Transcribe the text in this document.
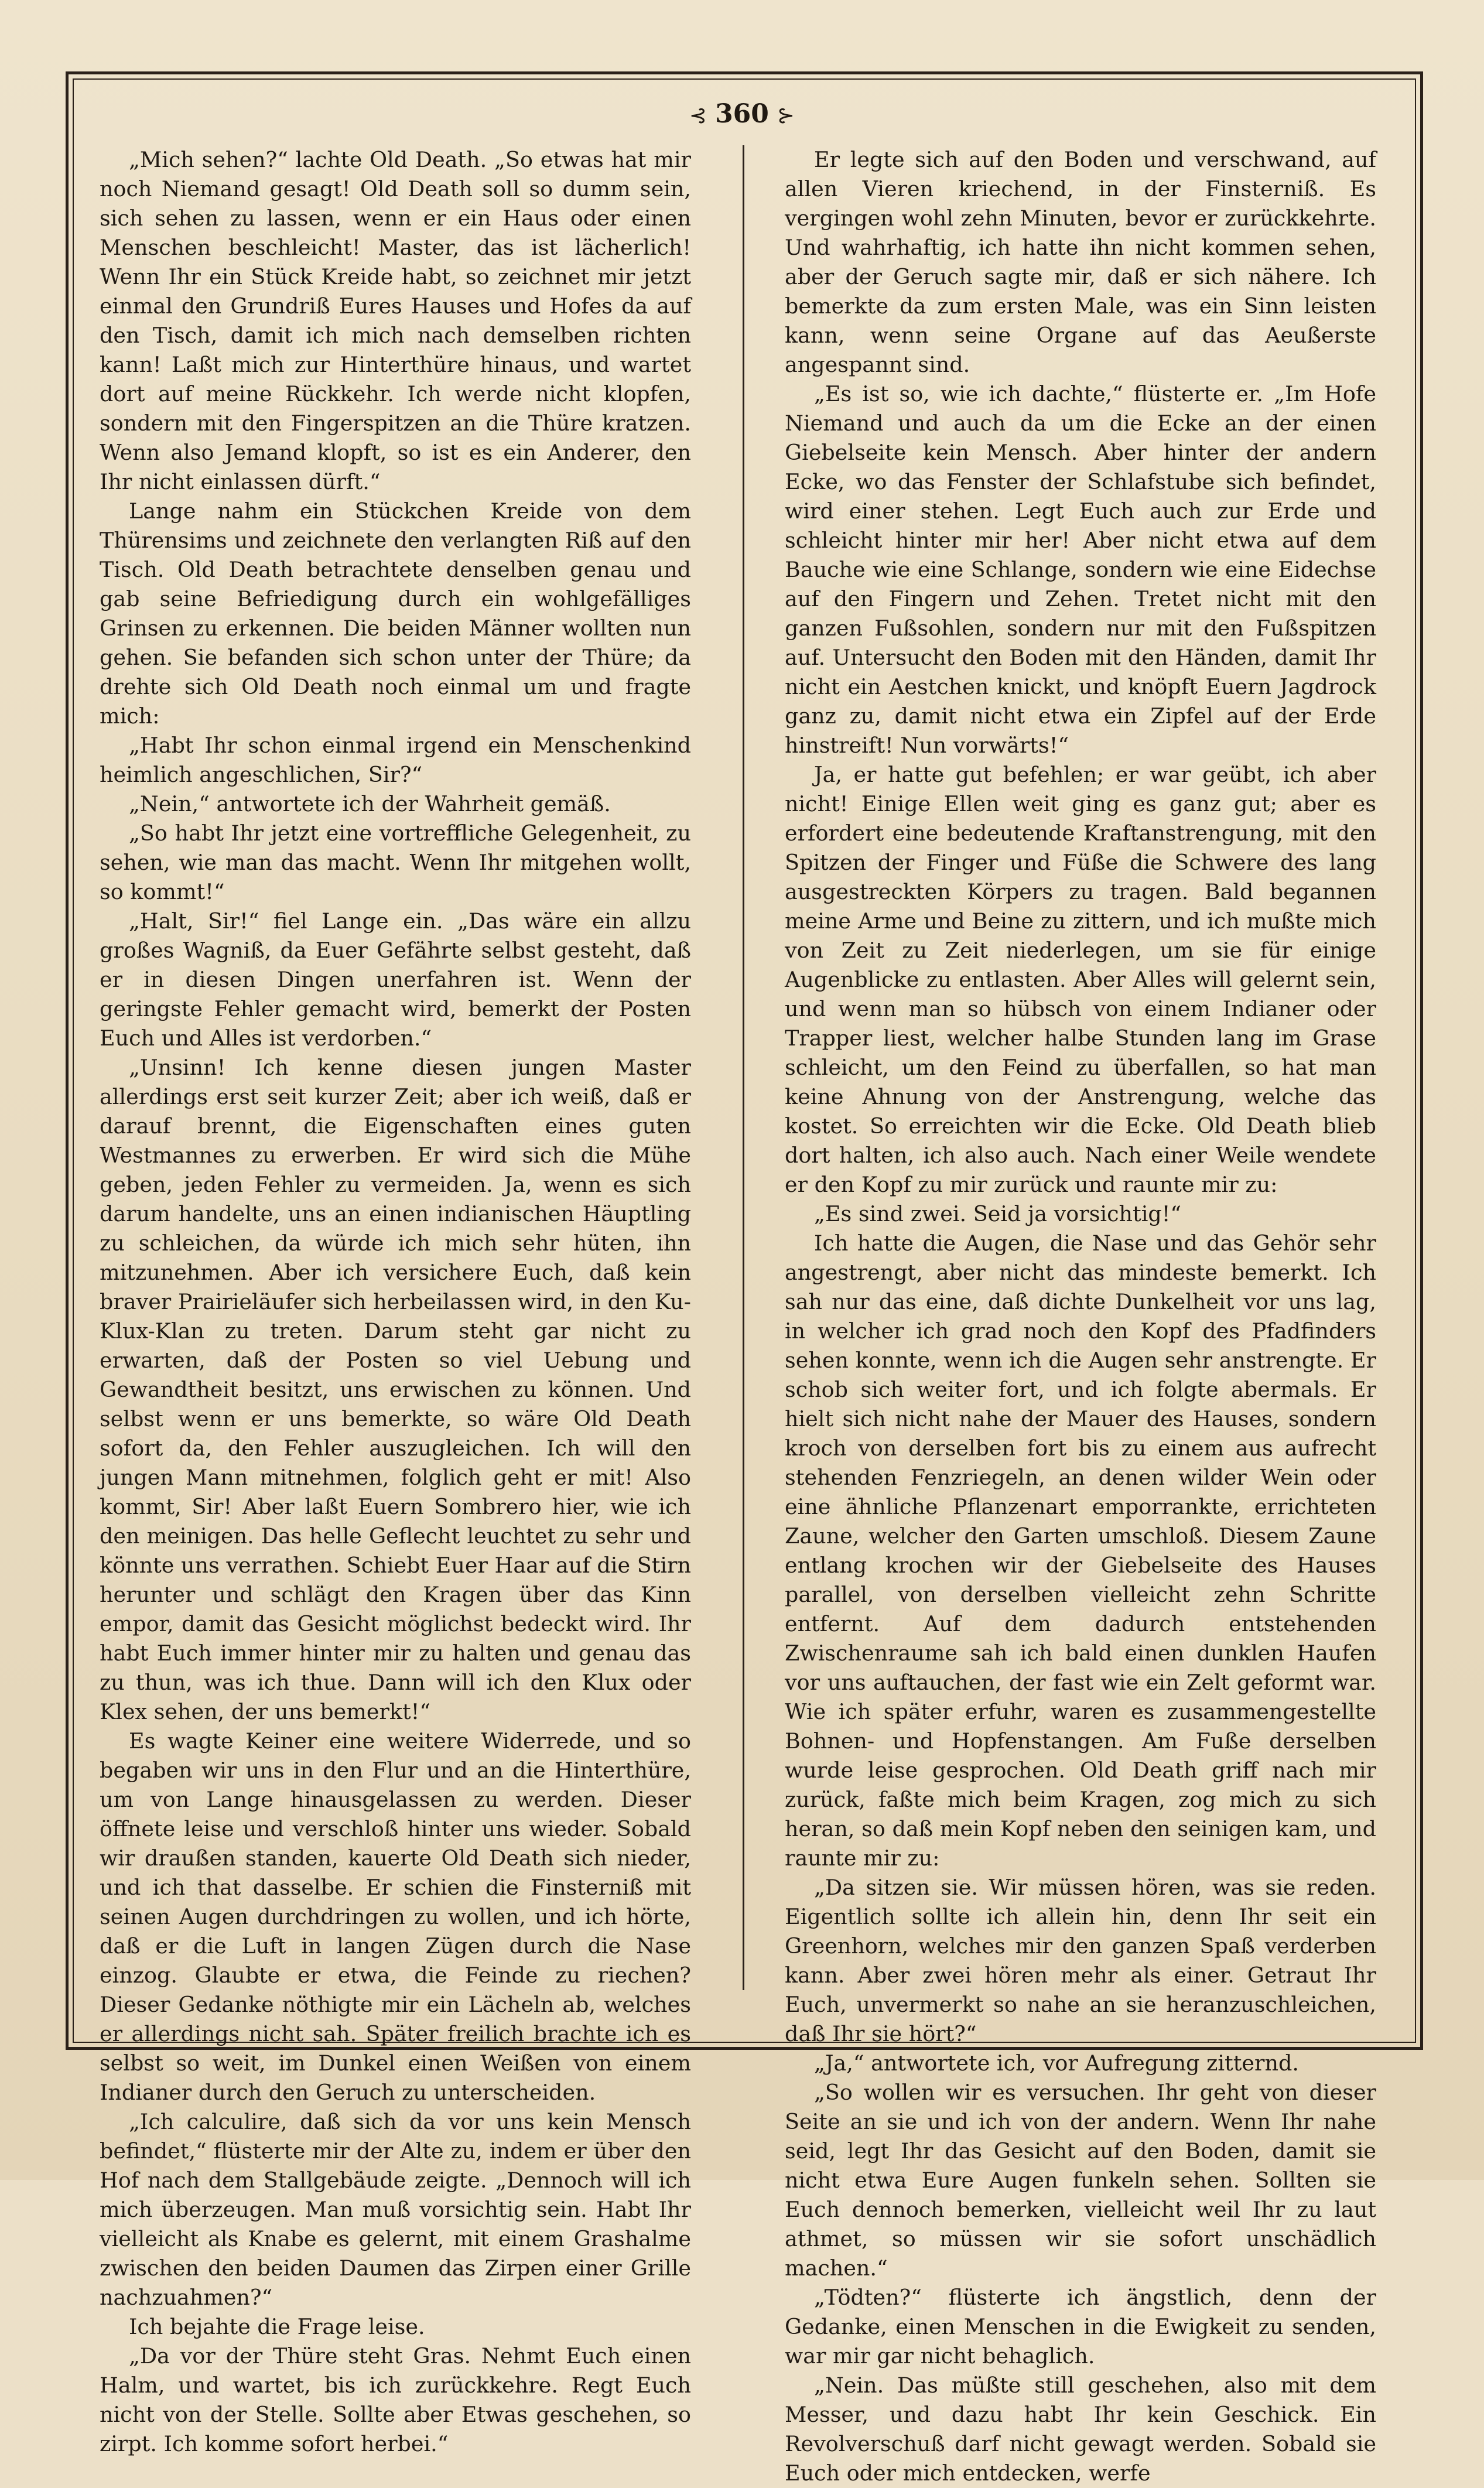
⊰ 360 ⊱

„Mich sehen?“ lachte Old Death. „So etwas hat mir noch Niemand gesagt! Old Death soll so dumm sein, sich sehen zu lassen, wenn er ein Haus oder einen Menschen beschleicht! Master, das ist lächerlich! Wenn Ihr ein Stück Kreide habt, so zeichnet mir jetzt einmal den Grundriß Eures Hauses und Hofes da auf den Tisch, damit ich mich nach demselben richten kann! Laßt mich zur Hinterthüre hinaus, und wartet dort auf meine Rückkehr. Ich werde nicht klopfen, sondern mit den Fingerspitzen an die Thüre kratzen. Wenn also Jemand klopft, so ist es ein Anderer, den Ihr nicht einlassen dürft.“

Lange nahm ein Stückchen Kreide von dem Thürensims und zeichnete den verlangten Riß auf den Tisch. Old Death betrachtete denselben genau und gab seine Befriedigung durch ein wohlgefälliges Grinsen zu erkennen. Die beiden Männer wollten nun gehen. Sie befanden sich schon unter der Thüre; da drehte sich Old Death noch einmal um und fragte mich:

„Habt Ihr schon einmal irgend ein Menschenkind heimlich angeschlichen, Sir?“

„Nein,“ antwortete ich der Wahrheit gemäß.

„So habt Ihr jetzt eine vortreffliche Gelegenheit, zu sehen, wie man das macht. Wenn Ihr mitgehen wollt, so kommt!“

„Halt, Sir!“ fiel Lange ein. „Das wäre ein allzu großes Wagniß, da Euer Gefährte selbst gesteht, daß er in diesen Dingen unerfahren ist. Wenn der geringste Fehler gemacht wird, bemerkt der Posten Euch und Alles ist verdorben.“

„Unsinn! Ich kenne diesen jungen Master allerdings erst seit kurzer Zeit; aber ich weiß, daß er darauf brennt, die Eigenschaften eines guten Westmannes zu erwerben. Er wird sich die Mühe geben, jeden Fehler zu vermeiden. Ja, wenn es sich darum handelte, uns an einen indianischen Häuptling zu schleichen, da würde ich mich sehr hüten, ihn mitzunehmen. Aber ich versichere Euch, daß kein braver Prairieläufer sich herbeilassen wird, in den Ku-Klux-Klan zu treten. Darum steht gar nicht zu erwarten, daß der Posten so viel Uebung und Gewandtheit besitzt, uns erwischen zu können. Und selbst wenn er uns bemerkte, so wäre Old Death sofort da, den Fehler auszugleichen. Ich will den jungen Mann mitnehmen, folglich geht er mit! Also kommt, Sir! Aber laßt Euern Sombrero hier, wie ich den meinigen. Das helle Geflecht leuchtet zu sehr und könnte uns verrathen. Schiebt Euer Haar auf die Stirn herunter und schlägt den Kragen über das Kinn empor, damit das Gesicht möglichst bedeckt wird. Ihr habt Euch immer hinter mir zu halten und genau das zu thun, was ich thue. Dann will ich den Klux oder Klex sehen, der uns bemerkt!“

Es wagte Keiner eine weitere Widerrede, und so begaben wir uns in den Flur und an die Hinterthüre, um von Lange hinausgelassen zu werden. Dieser öffnete leise und verschloß hinter uns wieder. Sobald wir draußen standen, kauerte Old Death sich nieder, und ich that dasselbe. Er schien die Finsterniß mit seinen Augen durchdringen zu wollen, und ich hörte, daß er die Luft in langen Zügen durch die Nase einzog. Glaubte er etwa, die Feinde zu riechen? Dieser Gedanke nöthigte mir ein Lächeln ab, welches er allerdings nicht sah. Später freilich brachte ich es selbst so weit, im Dunkel einen Weißen von einem Indianer durch den Geruch zu unterscheiden.

„Ich calculire, daß sich da vor uns kein Mensch befindet,“ flüsterte mir der Alte zu, indem er über den Hof nach dem Stallgebäude zeigte. „Dennoch will ich mich überzeugen. Man muß vorsichtig sein. Habt Ihr vielleicht als Knabe es gelernt, mit einem Grashalme zwischen den beiden Daumen das Zirpen einer Grille nachzuahmen?“

Ich bejahte die Frage leise.

„Da vor der Thüre steht Gras. Nehmt Euch einen Halm, und wartet, bis ich zurückkehre. Regt Euch nicht von der Stelle. Sollte aber Etwas geschehen, so zirpt. Ich komme sofort herbei.“

Er legte sich auf den Boden und verschwand, auf allen Vieren kriechend, in der Finsterniß. Es vergingen wohl zehn Minuten, bevor er zurückkehrte. Und wahrhaftig, ich hatte ihn nicht kommen sehen, aber der Geruch sagte mir, daß er sich nähere. Ich bemerkte da zum ersten Male, was ein Sinn leisten kann, wenn seine Organe auf das Aeußerste angespannt sind.

„Es ist so, wie ich dachte,“ flüsterte er. „Im Hofe Niemand und auch da um die Ecke an der einen Giebelseite kein Mensch. Aber hinter der andern Ecke, wo das Fenster der Schlafstube sich befindet, wird einer stehen. Legt Euch auch zur Erde und schleicht hinter mir her! Aber nicht etwa auf dem Bauche wie eine Schlange, sondern wie eine Eidechse auf den Fingern und Zehen. Tretet nicht mit den ganzen Fußsohlen, sondern nur mit den Fußspitzen auf. Untersucht den Boden mit den Händen, damit Ihr nicht ein Aestchen knickt, und knöpft Euern Jagdrock ganz zu, damit nicht etwa ein Zipfel auf der Erde hinstreift! Nun vorwärts!“

Ja, er hatte gut befehlen; er war geübt, ich aber nicht! Einige Ellen weit ging es ganz gut; aber es erfordert eine bedeutende Kraftanstrengung, mit den Spitzen der Finger und Füße die Schwere des lang ausgestreckten Körpers zu tragen. Bald begannen meine Arme und Beine zu zittern, und ich mußte mich von Zeit zu Zeit niederlegen, um sie für einige Augenblicke zu entlasten. Aber Alles will gelernt sein, und wenn man so hübsch von einem Indianer oder Trapper liest, welcher halbe Stunden lang im Grase schleicht, um den Feind zu überfallen, so hat man keine Ahnung von der Anstrengung, welche das kostet. So erreichten wir die Ecke. Old Death blieb dort halten, ich also auch. Nach einer Weile wendete er den Kopf zu mir zurück und raunte mir zu:

„Es sind zwei. Seid ja vorsichtig!“

Ich hatte die Augen, die Nase und das Gehör sehr angestrengt, aber nicht das mindeste bemerkt. Ich sah nur das eine, daß dichte Dunkelheit vor uns lag, in welcher ich grad noch den Kopf des Pfadfinders sehen konnte, wenn ich die Augen sehr anstrengte. Er schob sich weiter fort, und ich folgte abermals. Er hielt sich nicht nahe der Mauer des Hauses, sondern kroch von derselben fort bis zu einem aus aufrecht stehenden Fenzriegeln, an denen wilder Wein oder eine ähnliche Pflanzenart emporrankte, errichteten Zaune, welcher den Garten umschloß. Diesem Zaune entlang krochen wir der Giebelseite des Hauses parallel, von derselben vielleicht zehn Schritte entfernt. Auf dem dadurch entstehenden Zwischenraume sah ich bald einen dunklen Haufen vor uns auftauchen, der fast wie ein Zelt geformt war. Wie ich später erfuhr, waren es zusammengestellte Bohnen- und Hopfenstangen. Am Fuße derselben wurde leise gesprochen. Old Death griff nach mir zurück, faßte mich beim Kragen, zog mich zu sich heran, so daß mein Kopf neben den seinigen kam, und raunte mir zu:

„Da sitzen sie. Wir müssen hören, was sie reden. Eigentlich sollte ich allein hin, denn Ihr seit ein Greenhorn, welches mir den ganzen Spaß verderben kann. Aber zwei hören mehr als einer. Getraut Ihr Euch, unvermerkt so nahe an sie heranzuschleichen, daß Ihr sie hört?“

„Ja,“ antwortete ich, vor Aufregung zitternd.

„So wollen wir es versuchen. Ihr geht von dieser Seite an sie und ich von der andern. Wenn Ihr nahe seid, legt Ihr das Gesicht auf den Boden, damit sie nicht etwa Eure Augen funkeln sehen. Sollten sie Euch dennoch bemerken, vielleicht weil Ihr zu laut athmet, so müssen wir sie sofort unschädlich machen.“

„Tödten?“ flüsterte ich ängstlich, denn der Gedanke, einen Menschen in die Ewigkeit zu senden, war mir gar nicht behaglich.

„Nein. Das müßte still geschehen, also mit dem Messer, und dazu habt Ihr kein Geschick. Ein Revolverschuß darf nicht gewagt werden. Sobald sie Euch oder mich entdecken, werfe
